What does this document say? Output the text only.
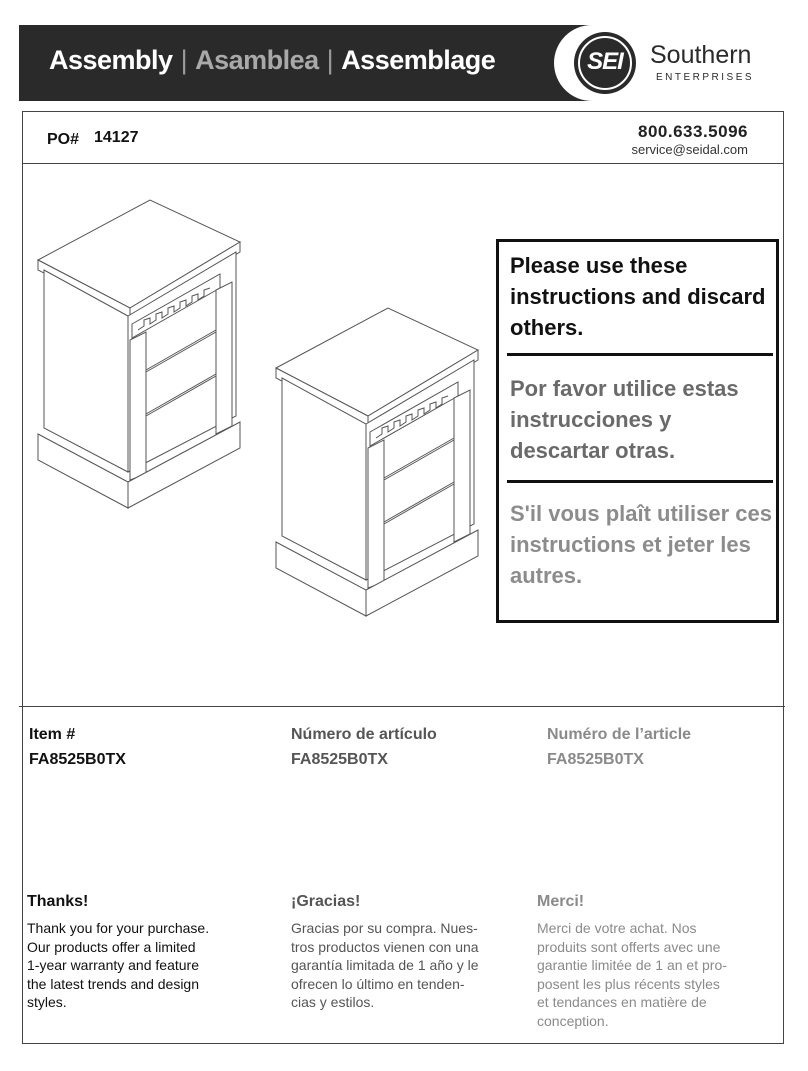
Assembly | Asamblea | Assemblage	SEI	Southern
ENTERPRISES
PO# 14127	800.633.5096
service@seidal.com
Please use these instructions and discard others.
Por favor utilice estas instrucciones y descartar otras.
S'il vous plaît utiliser ces instructions et jeter les autres.
Item #
FA8525B0TX
Número de artículo
FA8525B0TX
Numéro de l’article
FA8525B0TX
Thanks!
Thank you for your purchase.
Our products offer a limited
1-year warranty and feature
the latest trends and design
styles.
¡Gracias!
Gracias por su compra. Nues-
tros productos vienen con una
garantía limitada de 1 año y le
ofrecen lo último en tenden-
cias y estilos.
Merci!
Merci de votre achat. Nos
produits sont offerts avec une
garantie limitée de 1 an et pro-
posent les plus récents styles
et tendances en matière de
conception.
